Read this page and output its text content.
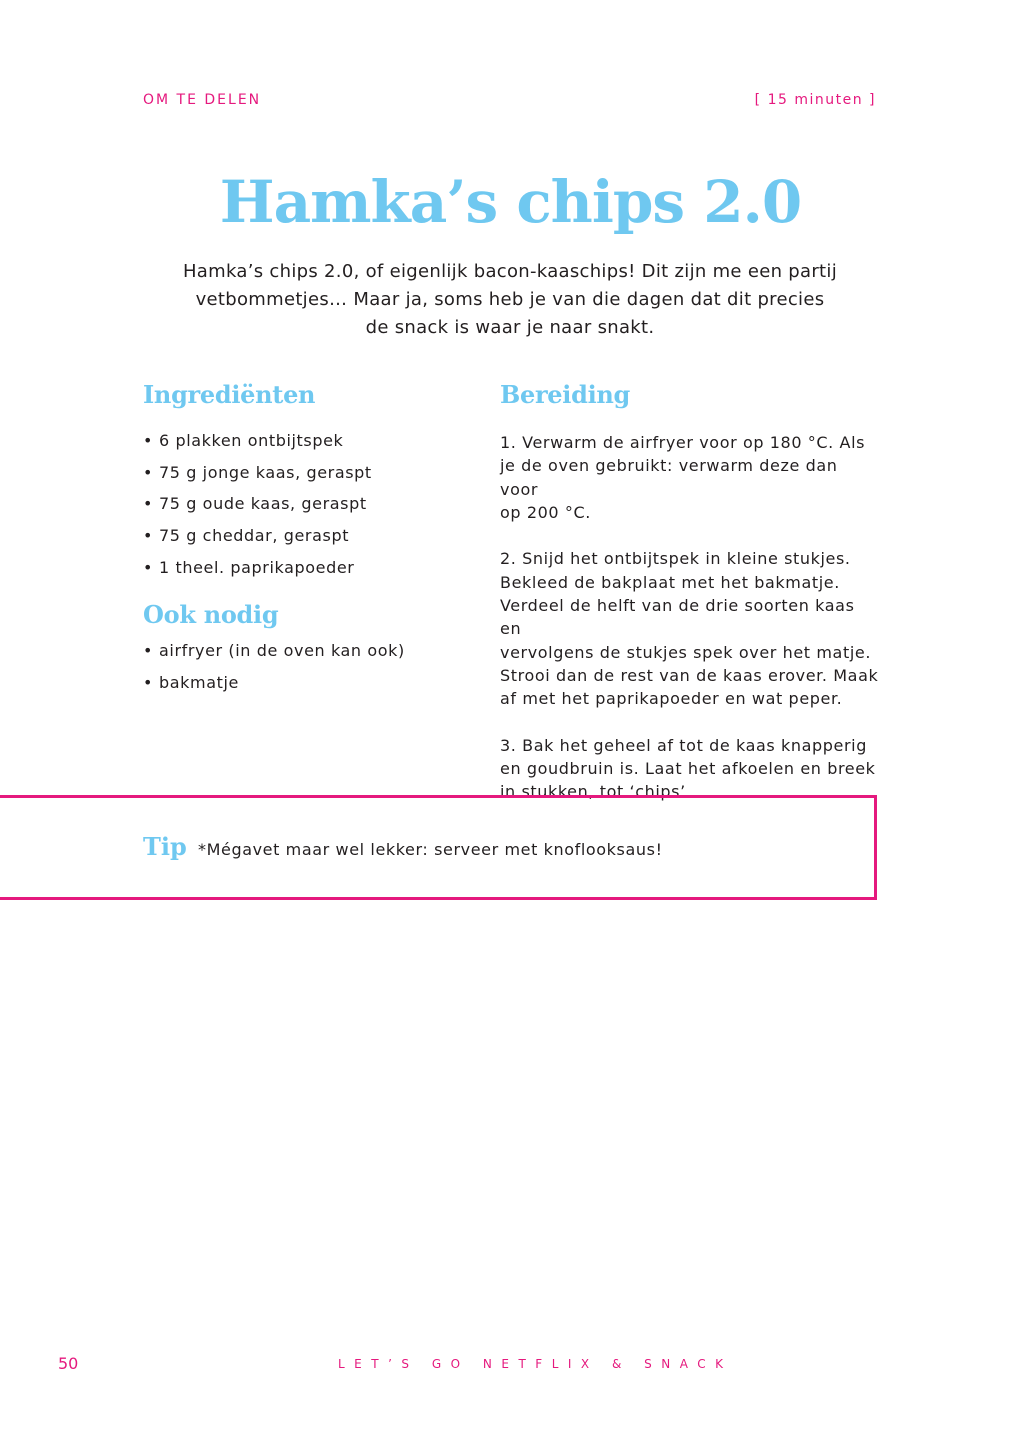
OM TE DELEN	[ 15 minuten ]
Hamka’s chips 2.0
Hamka’s chips 2.0, of eigenlijk bacon-kaaschips! Dit zijn me een partij
vetbommetjes… Maar ja, soms heb je van die dagen dat dit precies
de snack is waar je naar snakt.
Ingrediënten
• 6 plakken ontbijtspek
• 75 g jonge kaas, geraspt
• 75 g oude kaas, geraspt
• 75 g cheddar, geraspt
• 1 theel. paprikapoeder
Ook nodig
• airfryer (in de oven kan ook)
• bakmatje
Bereiding
1. Verwarm de airfryer voor op 180 °C. Als
je de oven gebruikt: verwarm deze dan voor
op 200 °C.
2. Snijd het ontbijtspek in kleine stukjes.
Bekleed de bakplaat met het bakmatje.
Verdeel de helft van de drie soorten kaas en
vervolgens de stukjes spek over het matje.
Strooi dan de rest van de kaas erover. Maak
af met het paprikapoeder en wat peper.
3. Bak het geheel af tot de kaas knapperig
en goudbruin is. Laat het afkoelen en breek
in stukken, tot ‘chips’.
Tip *Mégavet maar wel lekker: serveer met knoflooksaus!
50	LET’S GO NETFLIX & SNACK
